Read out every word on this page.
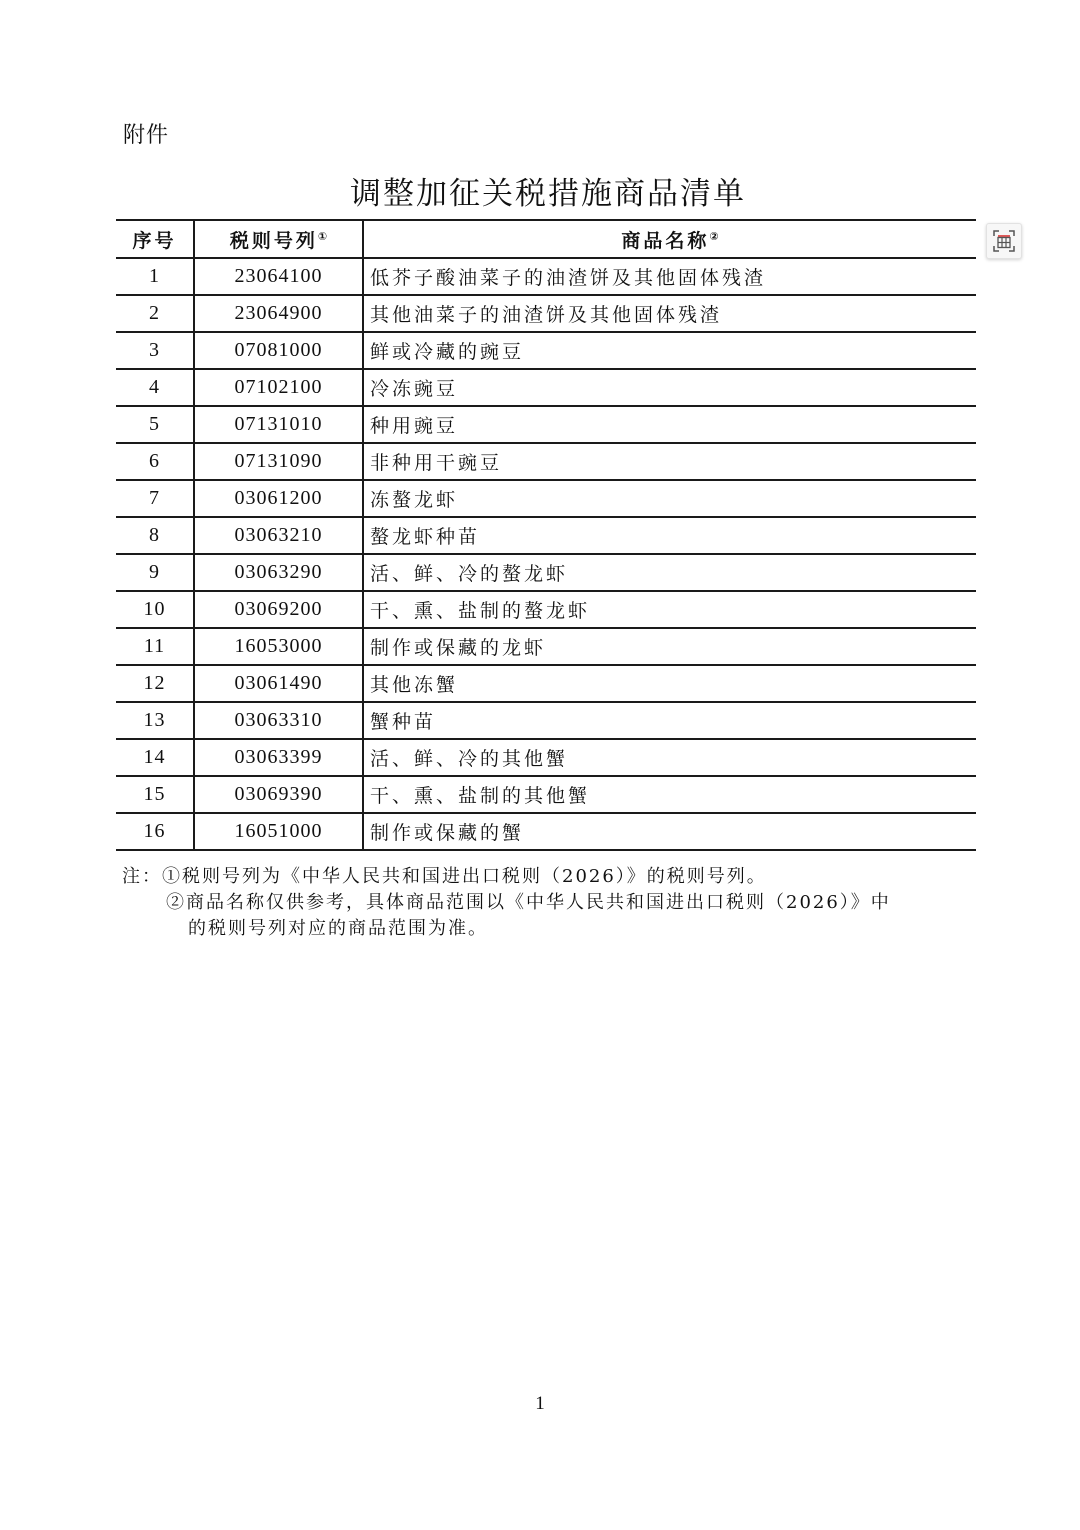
附件
调整加征关税措施商品清单
序号	税则号列①	商品名称②
1	23064100	低芥子酸油菜子的油渣饼及其他固体残渣
2	23064900	其他油菜子的油渣饼及其他固体残渣
3	07081000	鲜或冷藏的豌豆
4	07102100	冷冻豌豆
5	07131010	种用豌豆
6	07131090	非种用干豌豆
7	03061200	冻螯龙虾
8	03063210	螯龙虾种苗
9	03063290	活、鲜、冷的螯龙虾
10	03069200	干、熏、盐制的螯龙虾
11	16053000	制作或保藏的龙虾
12	03061490	其他冻蟹
13	03063310	蟹种苗
14	03063399	活、鲜、冷的其他蟹
15	03069390	干、熏、盐制的其他蟹
16	16051000	制作或保藏的蟹
注：①税则号列为《中华人民共和国进出口税则（2026）》的税则号列。
②商品名称仅供参考，具体商品范围以《中华人民共和国进出口税则（2026）》中
的税则号列对应的商品范围为准。
1
